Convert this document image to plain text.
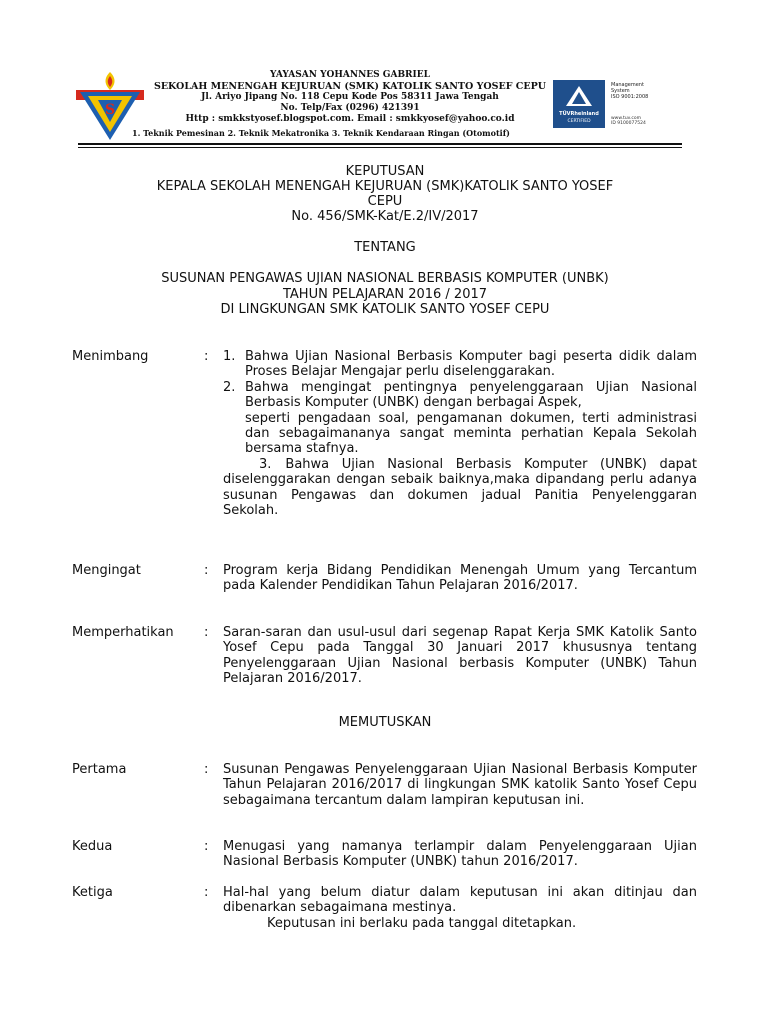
S
YAYASAN YOHANNES GABRIEL
SEKOLAH MENENGAH KEJURUAN (SMK) KATOLIK SANTO YOSEF CEPU
Jl. Ariyo Jipang No. 118 Cepu Kode Pos 58311 Jawa Tengah
No. Telp/Fax (0296) 421391
Http : smkkstyosef.blogspot.com. Email : smkkyosef@yahoo.co.id	TÜVRheinland
CERTIFIED
Management
System
ISO 9001:2008
www.tuv.com
ID 9100077524
1. Teknik Pemesinan 2. Teknik Mekatronika 3. Teknik Kendaraan Ringan (Otomotif)
KEPUTUSAN
KEPALA SEKOLAH MENENGAH KEJURUAN (SMK)KATOLIK SANTO YOSEF
CEPU
No. 456/SMK-Kat/E.2/IV/2017
TENTANG
SUSUNAN PENGAWAS UJIAN NASIONAL BERBASIS KOMPUTER (UNBK)
TAHUN PELAJARAN 2016 / 2017
DI LINGKUNGAN SMK KATOLIK SANTO YOSEF CEPU
Menimbang	: 1. Bahwa Ujian Nasional Berbasis Komputer bagi peserta didik dalam Proses Belajar Mengajar perlu diselenggarakan.
2. Bahwa mengingat pentingnya penyelenggaraan Ujian Nasional Berbasis Komputer (UNBK) dengan berbagai Aspek,

seperti pengadaan soal, pengamanan dokumen, terti administrasi dan sebagaimananya sangat meminta perhatian Kepala Sekolah bersama stafnya.

3. Bahwa Ujian Nasional Berbasis Komputer (UNBK) dapat diselenggarakan dengan sebaik baiknya,maka dipandang perlu adanya susunan Pengawas dan dokumen jadual Panitia Penyelenggaran Sekolah.

Mengingat	: Program kerja Bidang Pendidikan Menengah Umum yang Tercantum pada Kalender Pendidikan Tahun Pelajaran 2016/2017.
Memperhatikan : Saran-saran dan usul-usul dari segenap Rapat Kerja SMK Katolik Santo Yosef Cepu pada Tanggal 30 Januari 2017 khususnya tentang Penyelenggaraan Ujian Nasional berbasis Komputer (UNBK) Tahun Pelajaran 2016/2017.
MEMUTUSKAN
Pertama	: Susunan Pengawas Penyelenggaraan Ujian Nasional Berbasis Komputer Tahun Pelajaran 2016/2017 di lingkungan SMK katolik Santo Yosef Cepu sebagaimana tercantum dalam lampiran keputusan ini.
Kedua	: Menugasi yang namanya terlampir dalam Penyelenggaraan Ujian Nasional Berbasis Komputer (UNBK) tahun 2016/2017.
Ketiga	: Hal-hal yang belum diatur dalam keputusan ini akan ditinjau dan dibenarkan sebagaimana mestinya.

Keputusan ini berlaku pada tanggal ditetapkan.
